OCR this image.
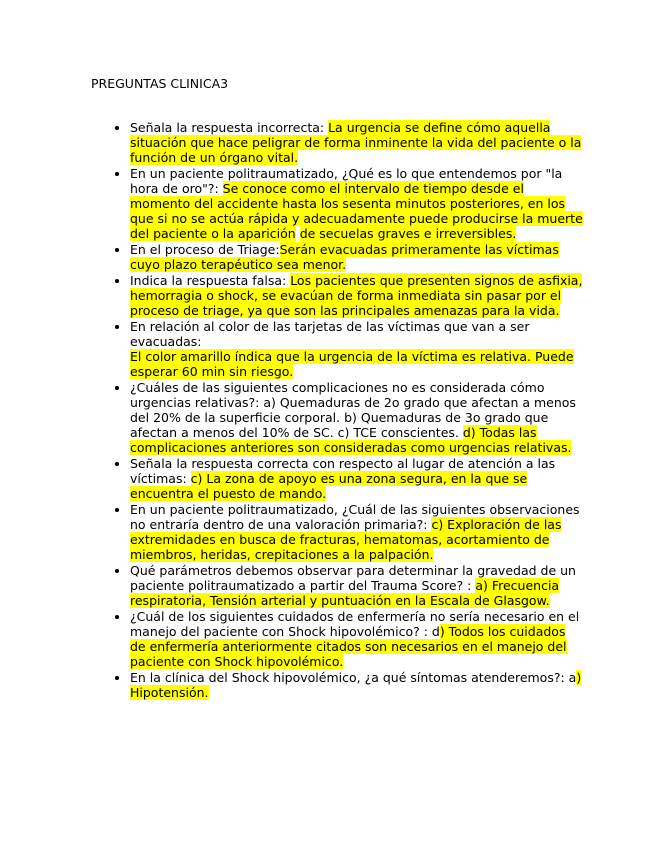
PREGUNTAS CLINICA3
• Señala la respuesta incorrecta: La urgencia se define cómo aquella situación que hace peligrar de forma inminente la vida del paciente o la función de un órgano vital.
• En un paciente politraumatizado, ¿Qué es lo que entendemos por "la hora de oro"?: Se conoce como el intervalo de tiempo desde el momento del accidente hasta los sesenta minutos posteriores, en los que si no se actúa rápida y adecuadamente puede producirse la muerte del paciente o la aparición de secuelas graves e irreversibles.
• En el proceso de Triage:Serán evacuadas primeramente las víctimas cuyo plazo terapéutico sea menor.
• Indica la respuesta falsa: Los pacientes que presenten signos de asfixia, hemorragia o shock, se evacúan de forma inmediata sin pasar por el proceso de triage, ya que son las principales amenazas para la vida.
• En relación al color de las tarjetas de las víctimas que van a ser evacuadas:
El color amarillo índica que la urgencia de la víctima es relativa. Puede esperar 60 min sin riesgo.
• ¿Cuáles de las siguientes complicaciones no es considerada cómo urgencias relativas?: a) Quemaduras de 2o grado que afectan a menos del 20% de la superficie corporal. b) Quemaduras de 3o grado que afectan a menos del 10% de SC. c) TCE conscientes. d) Todas las complicaciones anteriores son consideradas como urgencias relativas.
• Señala la respuesta correcta con respecto al lugar de atención a las víctimas: c) La zona de apoyo es una zona segura, en la que se encuentra el puesto de mando.
• En un paciente politraumatizado, ¿Cuál de las siguientes observaciones no entraría dentro de una valoración primaria?: c) Exploración de las extremidades en busca de fracturas, hematomas, acortamiento de miembros, heridas, crepitaciones a la palpación.
• Qué parámetros debemos observar para determinar la gravedad de un paciente politraumatizado a partir del Trauma Score? : a) Frecuencia respiratoria, Tensión arterial y puntuación en la Escala de Glasgow.
• ¿Cuál de los siguientes cuidados de enfermería no sería necesario en el manejo del paciente con Shock hipovolémico? : d) Todos los cuidados de enfermería anteriormente citados son necesarios en el manejo del paciente con Shock hipovolémico.
• En la clínica del Shock hipovolémico, ¿a qué síntomas atenderemos?: a) Hipotensión.
